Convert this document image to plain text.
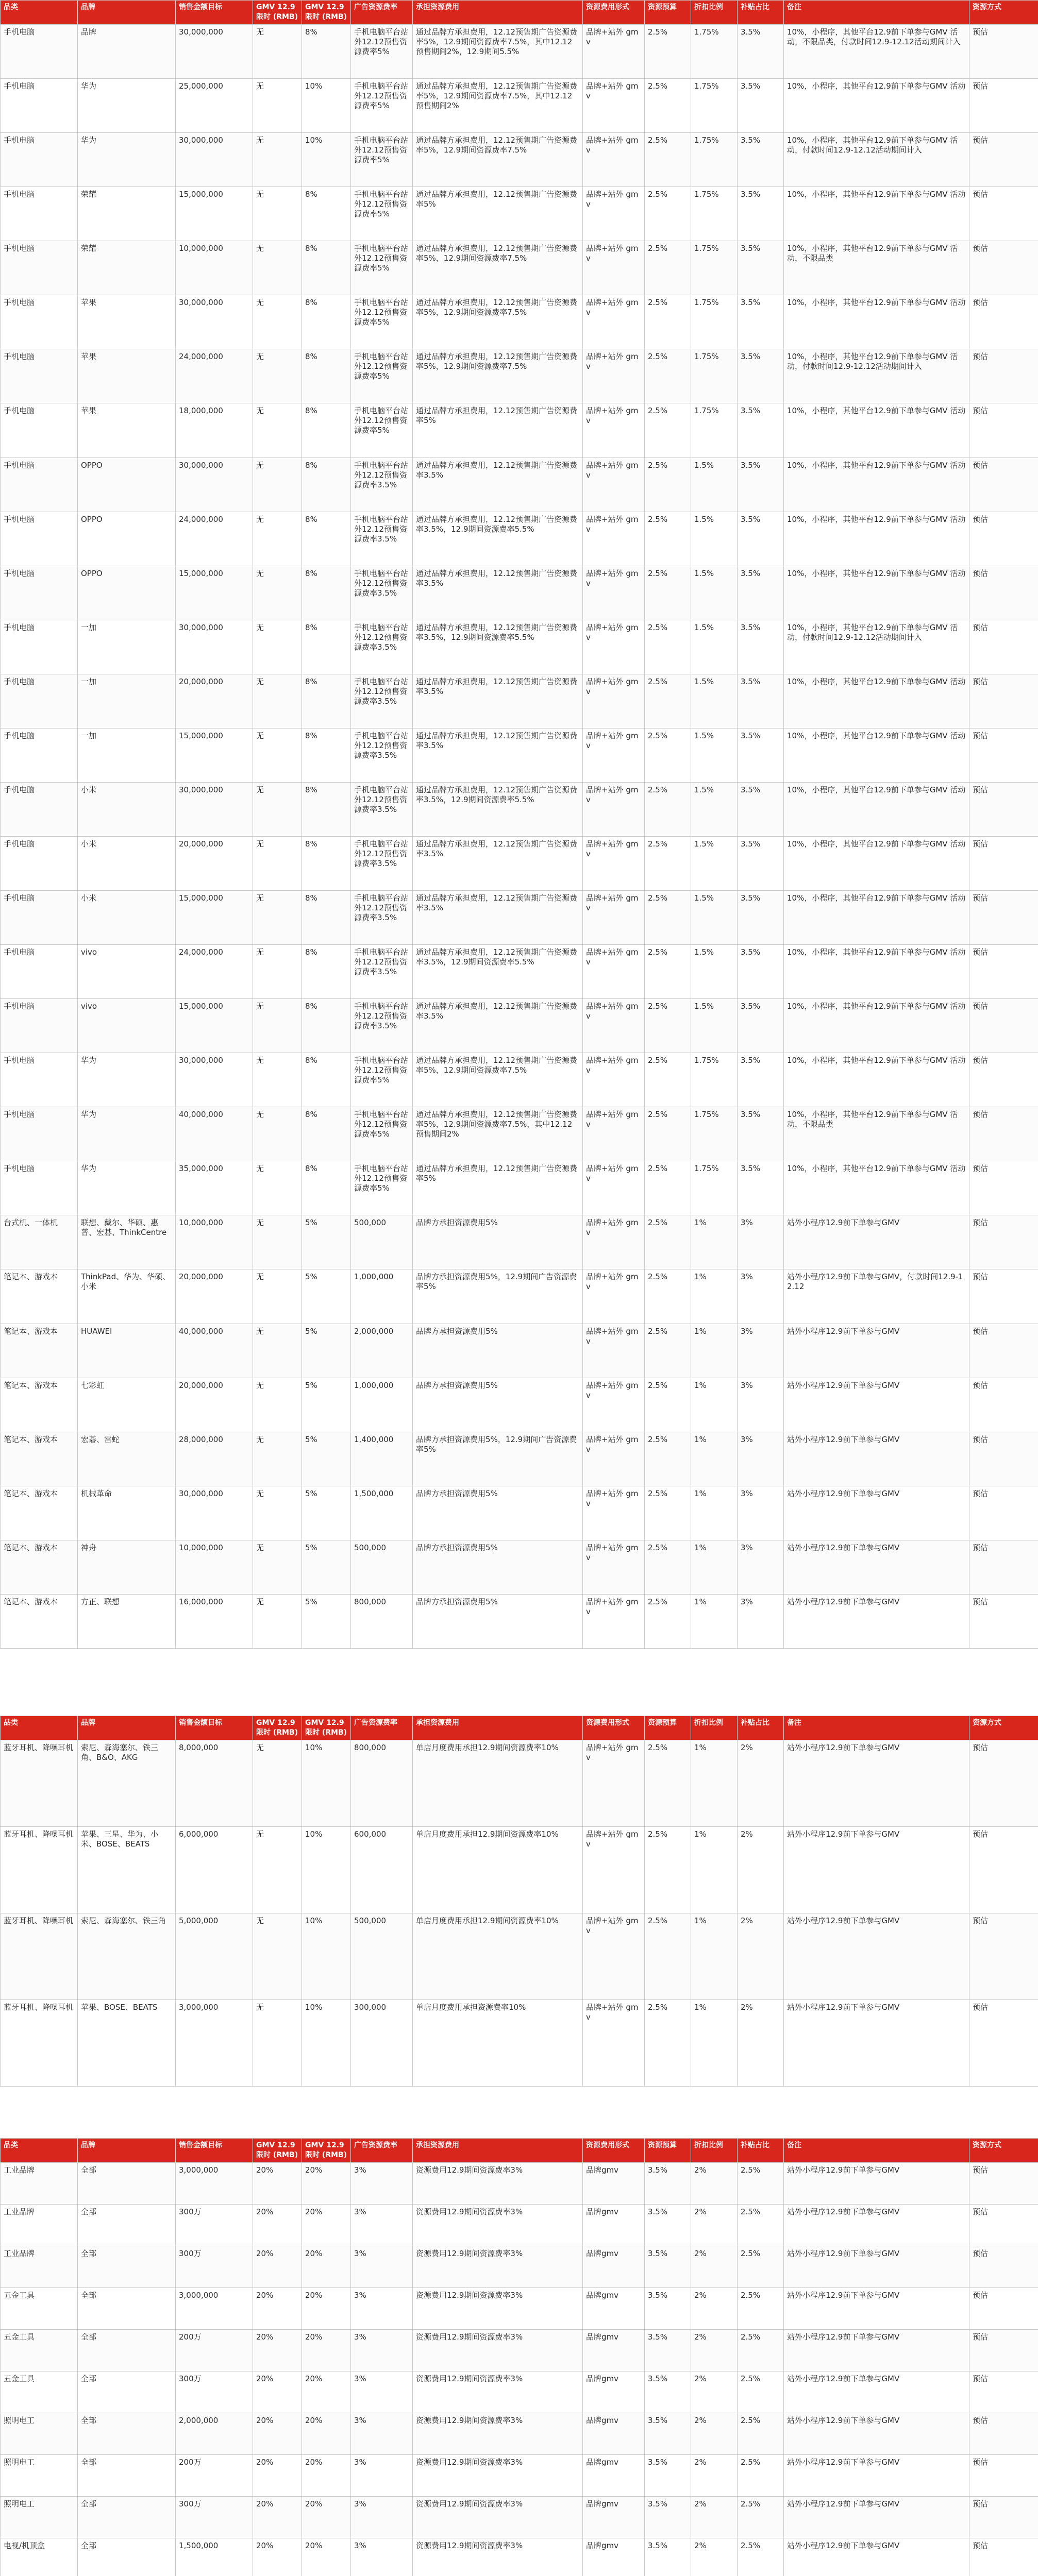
品类	品牌	销售金额目标	GMV 12.9限时 (RMB)	GMV 12.9限时 (RMB)	广告资源费率	承担资源费用	资源费用形式	资源预算	折扣比例	补贴占比	备注	资源方式
手机电脑	品牌	30,000,000	无	8%	手机电脑平台站外12.12预售资源费率5%	通过品牌方承担费用，12.12预售期广告资源费率5%，12.9期间资源费率7.5%，其中12.12预售期间2%，12.9期间5.5%	品牌+站外 gmv	2.5%	1.75%	3.5%	10%，小程序，其他平台12.9前下单参与GMV 活动，不限品类，付款时间12.9-12.12活动期间计入	预估
手机电脑	华为	25,000,000	无	10%	手机电脑平台站外12.12预售资源费率5%	通过品牌方承担费用，12.12预售期广告资源费率5%，12.9期间资源费率7.5%，其中12.12预售期间2%	品牌+站外 gmv	2.5%	1.75%	3.5%	10%，小程序，其他平台12.9前下单参与GMV 活动	预估
手机电脑	华为	30,000,000	无	10%	手机电脑平台站外12.12预售资源费率5%	通过品牌方承担费用，12.12预售期广告资源费率5%，12.9期间资源费率7.5%	品牌+站外 gmv	2.5%	1.75%	3.5%	10%，小程序，其他平台12.9前下单参与GMV 活动，付款时间12.9-12.12活动期间计入	预估
手机电脑	荣耀	15,000,000	无	8%	手机电脑平台站外12.12预售资源费率5%	通过品牌方承担费用，12.12预售期广告资源费率5%	品牌+站外 gmv	2.5%	1.75%	3.5%	10%，小程序，其他平台12.9前下单参与GMV 活动	预估
手机电脑	荣耀	10,000,000	无	8%	手机电脑平台站外12.12预售资源费率5%	通过品牌方承担费用，12.12预售期广告资源费率5%，12.9期间资源费率7.5%	品牌+站外 gmv	2.5%	1.75%	3.5%	10%，小程序，其他平台12.9前下单参与GMV 活动，不限品类	预估
手机电脑	苹果	30,000,000	无	8%	手机电脑平台站外12.12预售资源费率5%	通过品牌方承担费用，12.12预售期广告资源费率5%，12.9期间资源费率7.5%	品牌+站外 gmv	2.5%	1.75%	3.5%	10%，小程序，其他平台12.9前下单参与GMV 活动	预估
手机电脑	苹果	24,000,000	无	8%	手机电脑平台站外12.12预售资源费率5%	通过品牌方承担费用，12.12预售期广告资源费率5%，12.9期间资源费率7.5%	品牌+站外 gmv	2.5%	1.75%	3.5%	10%，小程序，其他平台12.9前下单参与GMV 活动，付款时间12.9-12.12活动期间计入	预估
手机电脑	苹果	18,000,000	无	8%	手机电脑平台站外12.12预售资源费率5%	通过品牌方承担费用，12.12预售期广告资源费率5%	品牌+站外 gmv	2.5%	1.75%	3.5%	10%，小程序，其他平台12.9前下单参与GMV 活动	预估
手机电脑	OPPO	30,000,000	无	8%	手机电脑平台站外12.12预售资源费率3.5%	通过品牌方承担费用，12.12预售期广告资源费率3.5%	品牌+站外 gmv	2.5%	1.5%	3.5%	10%，小程序，其他平台12.9前下单参与GMV 活动	预估
手机电脑	OPPO	24,000,000	无	8%	手机电脑平台站外12.12预售资源费率3.5%	通过品牌方承担费用，12.12预售期广告资源费率3.5%，12.9期间资源费率5.5%	品牌+站外 gmv	2.5%	1.5%	3.5%	10%，小程序，其他平台12.9前下单参与GMV 活动	预估
手机电脑	OPPO	15,000,000	无	8%	手机电脑平台站外12.12预售资源费率3.5%	通过品牌方承担费用，12.12预售期广告资源费率3.5%	品牌+站外 gmv	2.5%	1.5%	3.5%	10%，小程序，其他平台12.9前下单参与GMV 活动	预估
手机电脑	一加	30,000,000	无	8%	手机电脑平台站外12.12预售资源费率3.5%	通过品牌方承担费用，12.12预售期广告资源费率3.5%，12.9期间资源费率5.5%	品牌+站外 gmv	2.5%	1.5%	3.5%	10%，小程序，其他平台12.9前下单参与GMV 活动，付款时间12.9-12.12活动期间计入	预估
手机电脑	一加	20,000,000	无	8%	手机电脑平台站外12.12预售资源费率3.5%	通过品牌方承担费用，12.12预售期广告资源费率3.5%	品牌+站外 gmv	2.5%	1.5%	3.5%	10%，小程序，其他平台12.9前下单参与GMV 活动	预估
手机电脑	一加	15,000,000	无	8%	手机电脑平台站外12.12预售资源费率3.5%	通过品牌方承担费用，12.12预售期广告资源费率3.5%	品牌+站外 gmv	2.5%	1.5%	3.5%	10%，小程序，其他平台12.9前下单参与GMV 活动	预估
手机电脑	小米	30,000,000	无	8%	手机电脑平台站外12.12预售资源费率3.5%	通过品牌方承担费用，12.12预售期广告资源费率3.5%，12.9期间资源费率5.5%	品牌+站外 gmv	2.5%	1.5%	3.5%	10%，小程序，其他平台12.9前下单参与GMV 活动	预估
手机电脑	小米	20,000,000	无	8%	手机电脑平台站外12.12预售资源费率3.5%	通过品牌方承担费用，12.12预售期广告资源费率3.5%	品牌+站外 gmv	2.5%	1.5%	3.5%	10%，小程序，其他平台12.9前下单参与GMV 活动	预估
手机电脑	小米	15,000,000	无	8%	手机电脑平台站外12.12预售资源费率3.5%	通过品牌方承担费用，12.12预售期广告资源费率3.5%	品牌+站外 gmv	2.5%	1.5%	3.5%	10%，小程序，其他平台12.9前下单参与GMV 活动	预估
手机电脑	vivo	24,000,000	无	8%	手机电脑平台站外12.12预售资源费率3.5%	通过品牌方承担费用，12.12预售期广告资源费率3.5%，12.9期间资源费率5.5%	品牌+站外 gmv	2.5%	1.5%	3.5%	10%，小程序，其他平台12.9前下单参与GMV 活动	预估
手机电脑	vivo	15,000,000	无	8%	手机电脑平台站外12.12预售资源费率3.5%	通过品牌方承担费用，12.12预售期广告资源费率3.5%	品牌+站外 gmv	2.5%	1.5%	3.5%	10%，小程序，其他平台12.9前下单参与GMV 活动	预估
手机电脑	华为	30,000,000	无	8%	手机电脑平台站外12.12预售资源费率5%	通过品牌方承担费用，12.12预售期广告资源费率5%，12.9期间资源费率7.5%	品牌+站外 gmv	2.5%	1.75%	3.5%	10%，小程序，其他平台12.9前下单参与GMV 活动	预估
手机电脑	华为	40,000,000	无	8%	手机电脑平台站外12.12预售资源费率5%	通过品牌方承担费用，12.12预售期广告资源费率5%，12.9期间资源费率7.5%，其中12.12预售期间2%	品牌+站外 gmv	2.5%	1.75%	3.5%	10%，小程序，其他平台12.9前下单参与GMV 活动，不限品类	预估
手机电脑	华为	35,000,000	无	8%	手机电脑平台站外12.12预售资源费率5%	通过品牌方承担费用，12.12预售期广告资源费率5%	品牌+站外 gmv	2.5%	1.75%	3.5%	10%，小程序，其他平台12.9前下单参与GMV 活动	预估
台式机、一体机	联想、戴尔、华硕、惠普、宏碁、ThinkCentre	10,000,000	无	5%	500,000	品牌方承担资源费用5%	品牌+站外 gmv	2.5%	1%	3%	站外小程序12.9前下单参与GMV	预估
笔记本、游戏本	ThinkPad、华为、华硕、小米	20,000,000	无	5%	1,000,000	品牌方承担资源费用5%，12.9期间广告资源费率5%	品牌+站外 gmv	2.5%	1%	3%	站外小程序12.9前下单参与GMV，付款时间12.9-12.12	预估
笔记本、游戏本	HUAWEI	40,000,000	无	5%	2,000,000	品牌方承担资源费用5%	品牌+站外 gmv	2.5%	1%	3%	站外小程序12.9前下单参与GMV	预估
笔记本、游戏本	七彩虹	20,000,000	无	5%	1,000,000	品牌方承担资源费用5%	品牌+站外 gmv	2.5%	1%	3%	站外小程序12.9前下单参与GMV	预估
笔记本、游戏本	宏碁、雷蛇	28,000,000	无	5%	1,400,000	品牌方承担资源费用5%，12.9期间广告资源费率5%	品牌+站外 gmv	2.5%	1%	3%	站外小程序12.9前下单参与GMV	预估
笔记本、游戏本	机械革命	30,000,000	无	5%	1,500,000	品牌方承担资源费用5%	品牌+站外 gmv	2.5%	1%	3%	站外小程序12.9前下单参与GMV	预估
笔记本、游戏本	神舟	10,000,000	无	5%	500,000	品牌方承担资源费用5%	品牌+站外 gmv	2.5%	1%	3%	站外小程序12.9前下单参与GMV	预估
笔记本、游戏本	方正、联想	16,000,000	无	5%	800,000	品牌方承担资源费用5%	品牌+站外 gmv	2.5%	1%	3%	站外小程序12.9前下单参与GMV	预估
品类	品牌	销售金额目标	GMV 12.9限时 (RMB)	GMV 12.9限时 (RMB)	广告资源费率	承担资源费用	资源费用形式	资源预算	折扣比例	补贴占比	备注	资源方式
蓝牙耳机、降噪耳机	索尼、森海塞尔、铁三角、B&O、AKG	8,000,000	无	10%	800,000	单店月度费用承担12.9期间资源费率10%	品牌+站外 gmv	2.5%	1%	2%	站外小程序12.9前下单参与GMV	预估
蓝牙耳机、降噪耳机	苹果、三星、华为、小米、BOSE、BEATS	6,000,000	无	10%	600,000	单店月度费用承担12.9期间资源费率10%	品牌+站外 gmv	2.5%	1%	2%	站外小程序12.9前下单参与GMV	预估
蓝牙耳机、降噪耳机	索尼、森海塞尔、铁三角	5,000,000	无	10%	500,000	单店月度费用承担12.9期间资源费率10%	品牌+站外 gmv	2.5%	1%	2%	站外小程序12.9前下单参与GMV	预估
蓝牙耳机、降噪耳机	苹果、BOSE、BEATS	3,000,000	无	10%	300,000	单店月度费用承担资源费率10%	品牌+站外 gmv	2.5%	1%	2%	站外小程序12.9前下单参与GMV	预估
品类	品牌	销售金额目标	GMV 12.9限时 (RMB)	GMV 12.9限时 (RMB)	广告资源费率	承担资源费用	资源费用形式	资源预算	折扣比例	补贴占比	备注	资源方式
工业品牌	全部	3,000,000	20%	20%	3%	资源费用12.9期间资源费率3%	品牌gmv	3.5%	2%	2.5%	站外小程序12.9前下单参与GMV	预估
工业品牌	全部	300万	20%	20%	3%	资源费用12.9期间资源费率3%	品牌gmv	3.5%	2%	2.5%	站外小程序12.9前下单参与GMV	预估
工业品牌	全部	300万	20%	20%	3%	资源费用12.9期间资源费率3%	品牌gmv	3.5%	2%	2.5%	站外小程序12.9前下单参与GMV	预估
五金工具	全部	3,000,000	20%	20%	3%	资源费用12.9期间资源费率3%	品牌gmv	3.5%	2%	2.5%	站外小程序12.9前下单参与GMV	预估
五金工具	全部	200万	20%	20%	3%	资源费用12.9期间资源费率3%	品牌gmv	3.5%	2%	2.5%	站外小程序12.9前下单参与GMV	预估
五金工具	全部	300万	20%	20%	3%	资源费用12.9期间资源费率3%	品牌gmv	3.5%	2%	2.5%	站外小程序12.9前下单参与GMV	预估
照明电工	全部	2,000,000	20%	20%	3%	资源费用12.9期间资源费率3%	品牌gmv	3.5%	2%	2.5%	站外小程序12.9前下单参与GMV	预估
照明电工	全部	200万	20%	20%	3%	资源费用12.9期间资源费率3%	品牌gmv	3.5%	2%	2.5%	站外小程序12.9前下单参与GMV	预估
照明电工	全部	300万	20%	20%	3%	资源费用12.9期间资源费率3%	品牌gmv	3.5%	2%	2.5%	站外小程序12.9前下单参与GMV	预估
电视/机顶盒	全部	1,500,000	20%	20%	3%	资源费用12.9期间资源费率3%	品牌gmv	3.5%	2%	2.5%	站外小程序12.9前下单参与GMV	预估
